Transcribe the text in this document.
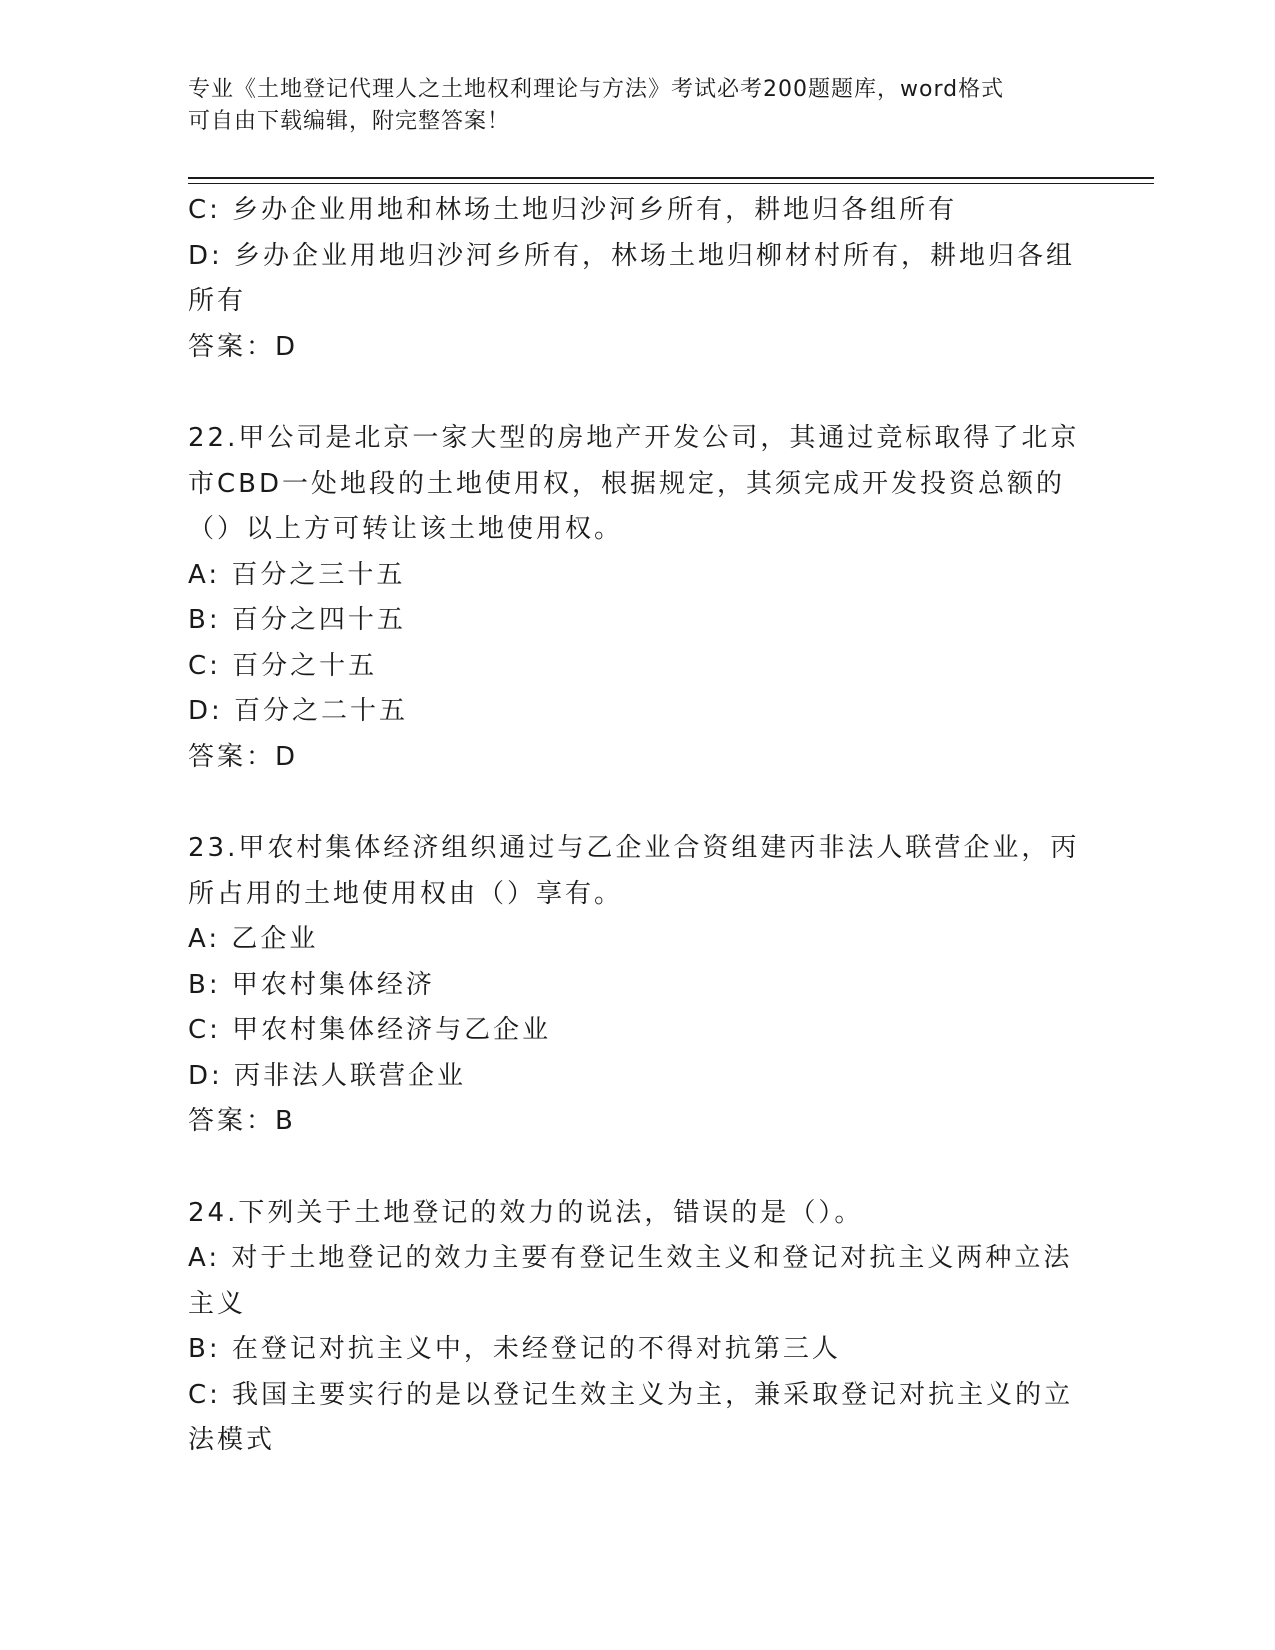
专业《土地登记代理人之土地权利理论与方法》考试必考200题题库，word格式
可自由下载编辑，附完整答案！
C: 乡办企业用地和林场土地归沙河乡所有，耕地归各组所有
D: 乡办企业用地归沙河乡所有，林场土地归柳材村所有，耕地归各组
所有
答案：D
22.甲公司是北京一家大型的房地产开发公司，其通过竞标取得了北京
市CBD一处地段的土地使用权，根据规定，其须完成开发投资总额的
（）以上方可转让该土地使用权。
A: 百分之三十五
B: 百分之四十五
C: 百分之十五
D: 百分之二十五
答案：D
23.甲农村集体经济组织通过与乙企业合资组建丙非法人联营企业，丙
所占用的土地使用权由（）享有。
A: 乙企业
B: 甲农村集体经济
C: 甲农村集体经济与乙企业
D: 丙非法人联营企业
答案：B
24.下列关于土地登记的效力的说法，错误的是（）。
A: 对于土地登记的效力主要有登记生效主义和登记对抗主义两种立法
主义
B: 在登记对抗主义中，未经登记的不得对抗第三人
C: 我国主要实行的是以登记生效主义为主，兼采取登记对抗主义的立
法模式
